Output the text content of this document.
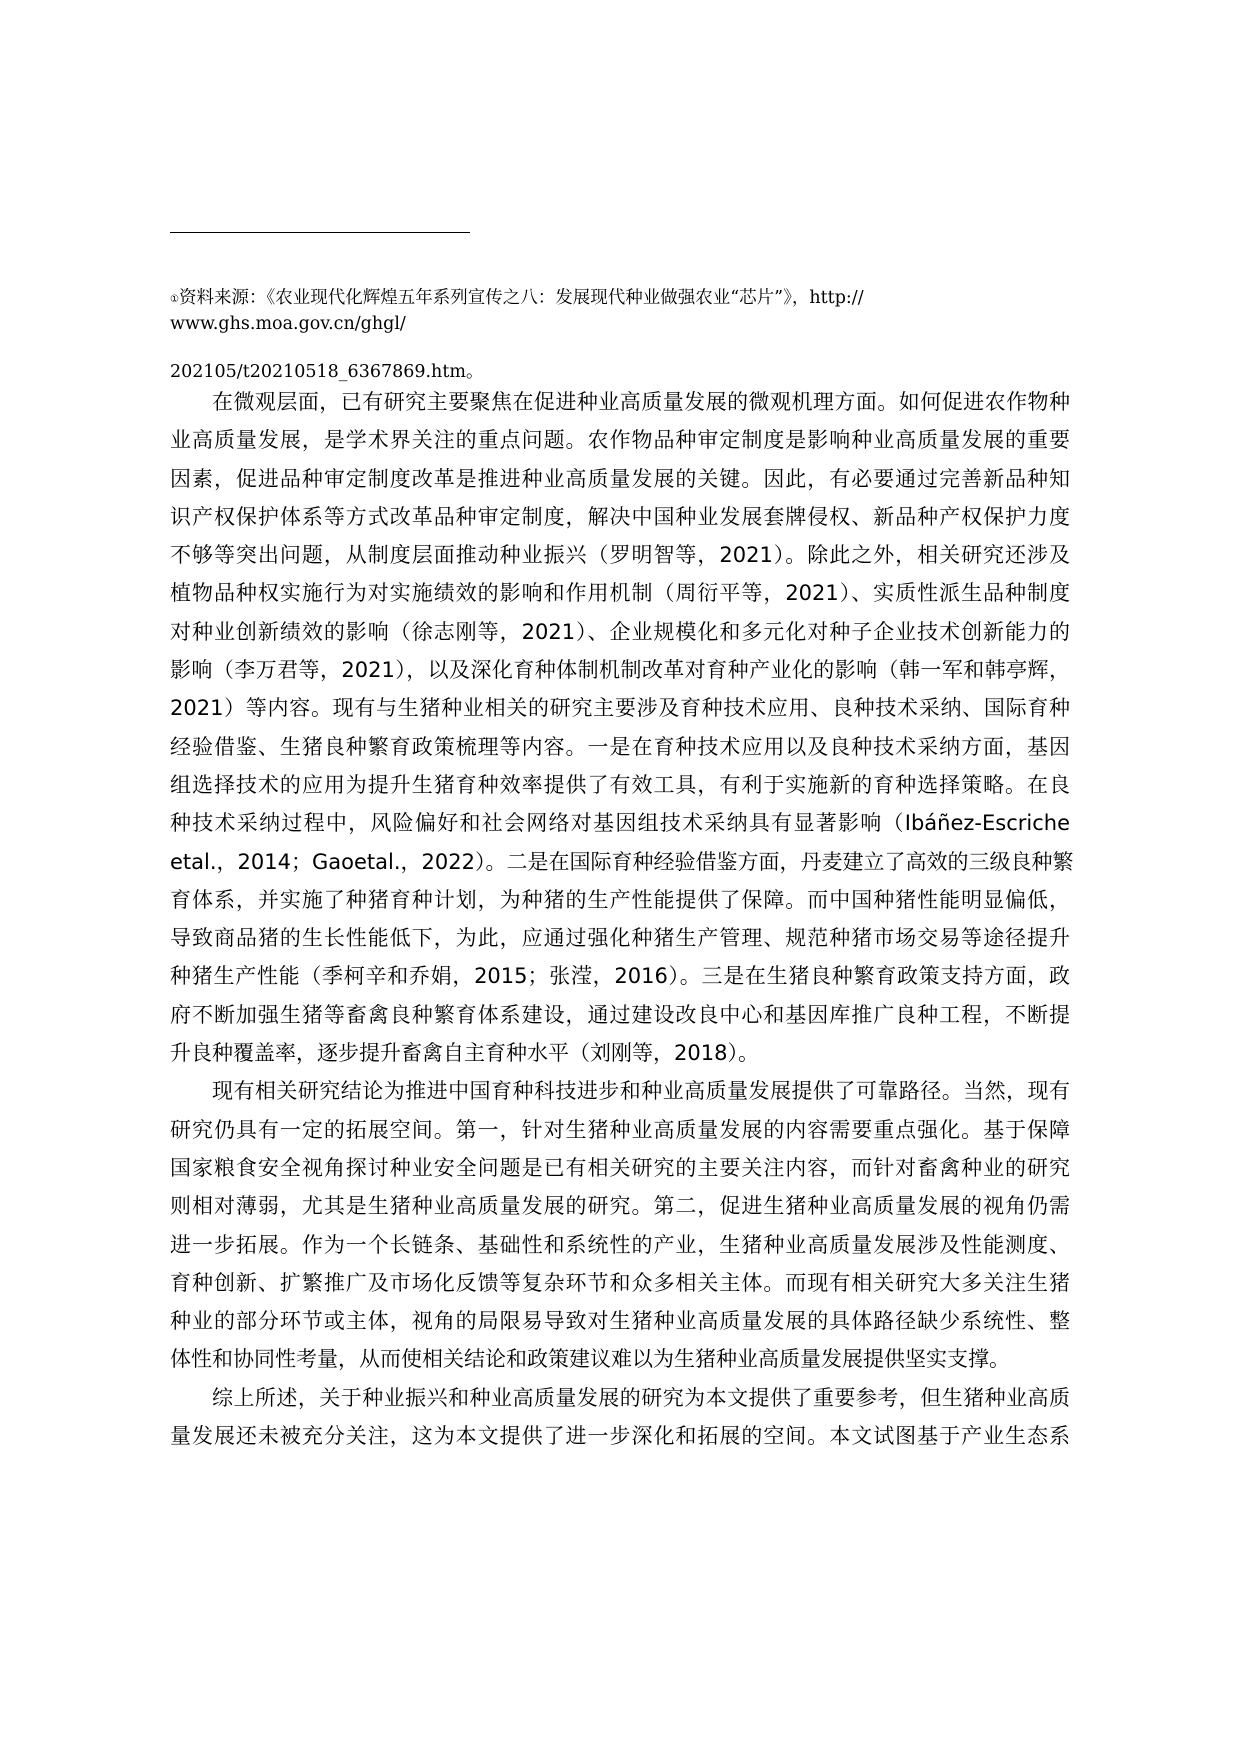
①资料来源：《农业现代化辉煌五年系列宣传之八：发展现代种业做强农业“芯片”》，http://
www.ghs.moa.gov.cn/ghgl/
202105/t20210518_6367869.htm。
在微观层面，已有研究主要聚焦在促进种业高质量发展的微观机理方面。如何促进农作物种
业高质量发展，是学术界关注的重点问题。农作物品种审定制度是影响种业高质量发展的重要
因素，促进品种审定制度改革是推进种业高质量发展的关键。因此，有必要通过完善新品种知
识产权保护体系等方式改革品种审定制度，解决中国种业发展套牌侵权、新品种产权保护力度
不够等突出问题，从制度层面推动种业振兴（罗明智等，2021）。除此之外，相关研究还涉及
植物品种权实施行为对实施绩效的影响和作用机制（周衍平等，2021）、实质性派生品种制度
对种业创新绩效的影响（徐志刚等，2021）、企业规模化和多元化对种子企业技术创新能力的
影响（李万君等，2021），以及深化育种体制机制改革对育种产业化的影响（韩一军和韩亭辉，
2021）等内容。现有与生猪种业相关的研究主要涉及育种技术应用、良种技术采纳、国际育种
经验借鉴、生猪良种繁育政策梳理等内容。一是在育种技术应用以及良种技术采纳方面，基因
组选择技术的应用为提升生猪育种效率提供了有效工具，有利于实施新的育种选择策略。在良
种技术采纳过程中，风险偏好和社会网络对基因组技术采纳具有显著影响（Ibáñez-Escriche
etal.，2014；Gaoetal.，2022）。二是在国际育种经验借鉴方面，丹麦建立了高效的三级良种繁
育体系，并实施了种猪育种计划，为种猪的生产性能提供了保障。而中国种猪性能明显偏低，
导致商品猪的生长性能低下，为此，应通过强化种猪生产管理、规范种猪市场交易等途径提升
种猪生产性能（季柯辛和乔娟，2015；张滢，2016）。三是在生猪良种繁育政策支持方面，政
府不断加强生猪等畜禽良种繁育体系建设，通过建设改良中心和基因库推广良种工程，不断提
升良种覆盖率，逐步提升畜禽自主育种水平（刘刚等，2018）。
现有相关研究结论为推进中国育种科技进步和种业高质量发展提供了可靠路径。当然，现有
研究仍具有一定的拓展空间。第一，针对生猪种业高质量发展的内容需要重点强化。基于保障
国家粮食安全视角探讨种业安全问题是已有相关研究的主要关注内容，而针对畜禽种业的研究
则相对薄弱，尤其是生猪种业高质量发展的研究。第二，促进生猪种业高质量发展的视角仍需
进一步拓展。作为一个长链条、基础性和系统性的产业，生猪种业高质量发展涉及性能测度、
育种创新、扩繁推广及市场化反馈等复杂环节和众多相关主体。而现有相关研究大多关注生猪
种业的部分环节或主体，视角的局限易导致对生猪种业高质量发展的具体路径缺少系统性、整
体性和协同性考量，从而使相关结论和政策建议难以为生猪种业高质量发展提供坚实支撑。
综上所述，关于种业振兴和种业高质量发展的研究为本文提供了重要参考，但生猪种业高质
量发展还未被充分关注，这为本文提供了进一步深化和拓展的空间。本文试图基于产业生态系
